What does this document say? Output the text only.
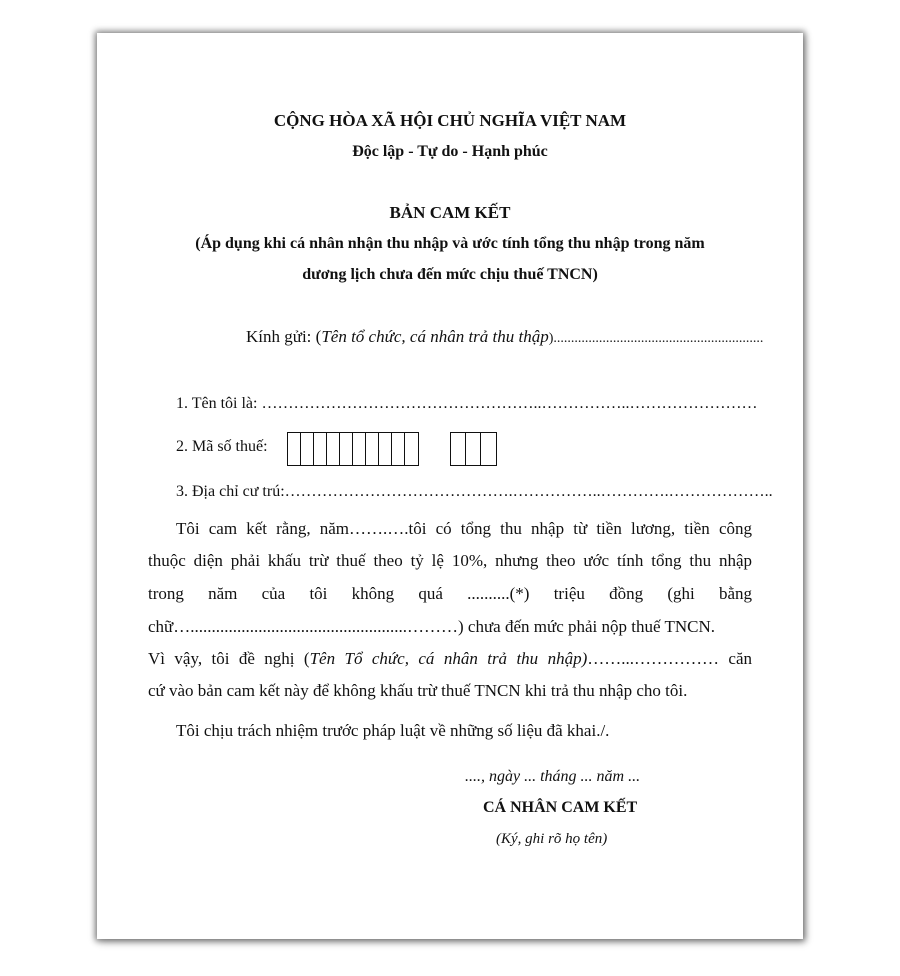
CỘNG HÒA XÃ HỘI CHỦ NGHĨA VIỆT NAM
Độc lập - Tự do - Hạnh phúc
BẢN CAM KẾT
(Áp dụng khi cá nhân nhận thu nhập và ước tính tổng thu nhập trong năm
dương lịch chưa đến mức chịu thuế TNCN)
Kính gửi: (Tên tổ chức, cá nhân trả thu thập)............................................................
1. Tên tôi là: ……………………………………………..……………..……………………
2. Mã số thuế:
3. Địa chỉ cư trú:…………………………………….……………..………….………………..
Tôi cam kết rằng, năm…….….tôi có tổng thu nhập từ tiền lương, tiền công
thuộc diện phải khấu trừ thuế theo tỷ lệ 10%, nhưng theo ước tính tổng thu nhập
trong năm của tôi không quá ..........(*) triệu đồng (ghi bằng
chữ…...................................................………) chưa đến mức phải nộp thuế TNCN.
Vì vậy, tôi đề nghị (Tên Tổ chức, cá nhân trả thu nhập)……...…………… căn
cứ vào bản cam kết này để không khấu trừ thuế TNCN khi trả thu nhập cho tôi.
Tôi chịu trách nhiệm trước pháp luật về những số liệu đã khai./.
...., ngày ... tháng ... năm ...
CÁ NHÂN CAM KẾT
(Ký, ghi rõ họ tên)
